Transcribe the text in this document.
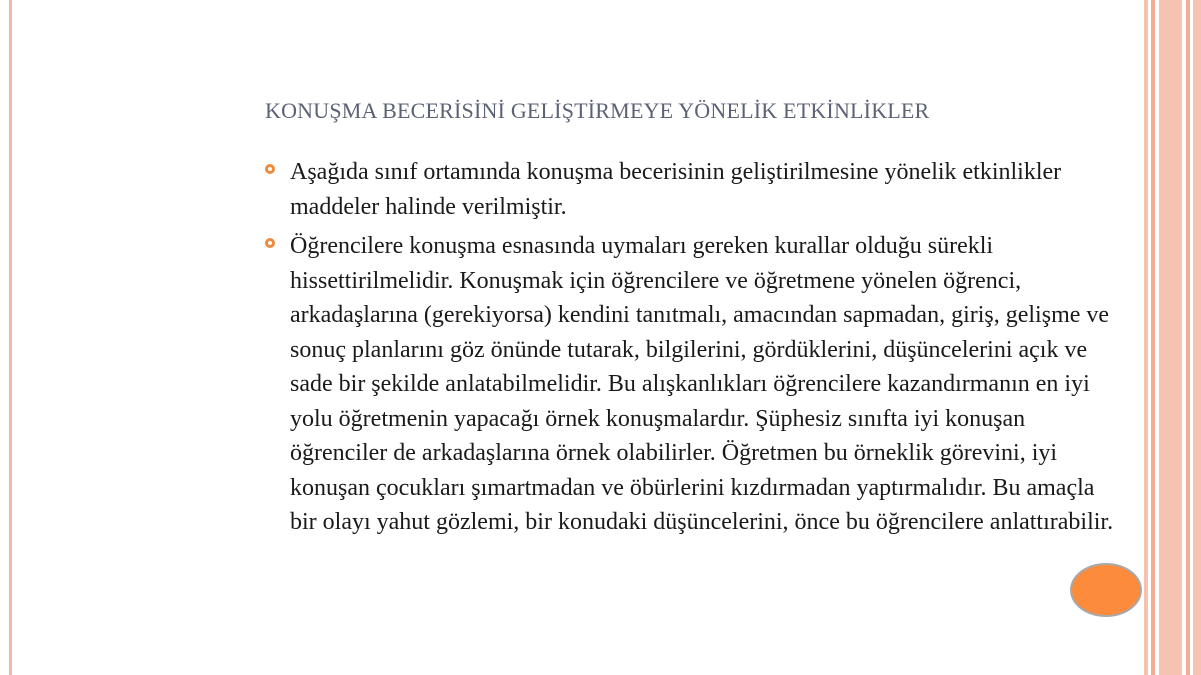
KONUŞMA BECERİSİNİ GELİŞTİRMEYE YÖNELİK ETKİNLİKLER
Aşağıda sınıf ortamında konuşma becerisinin geliştirilmesine yönelik etkinlikler maddeler halinde verilmiştir.
Öğrencilere konuşma esnasında uymaları gereken kurallar olduğu sürekli hissettirilmelidir. Konuşmak için öğrencilere ve öğretmene yönelen öğrenci, arkadaşlarına (gerekiyorsa) kendini tanıtmalı, amacından sapmadan, giriş, gelişme ve sonuç planlarını göz önünde tutarak, bilgilerini, gördüklerini, düşüncelerini açık ve sade bir şekilde anlatabilmelidir. Bu alışkanlıkları öğrencilere kazandırmanın en iyi yolu öğretmenin yapacağı örnek konuşmalardır. Şüphesiz sınıfta iyi konuşan öğrenciler de arkadaşlarına örnek olabilirler. Öğretmen bu örneklik görevini, iyi konuşan çocukları şımartmadan ve öbürlerini kızdırmadan yaptırmalıdır. Bu amaçla bir olayı yahut gözlemi, bir konudaki düşüncelerini, önce bu öğrencilere anlattırabilir.
